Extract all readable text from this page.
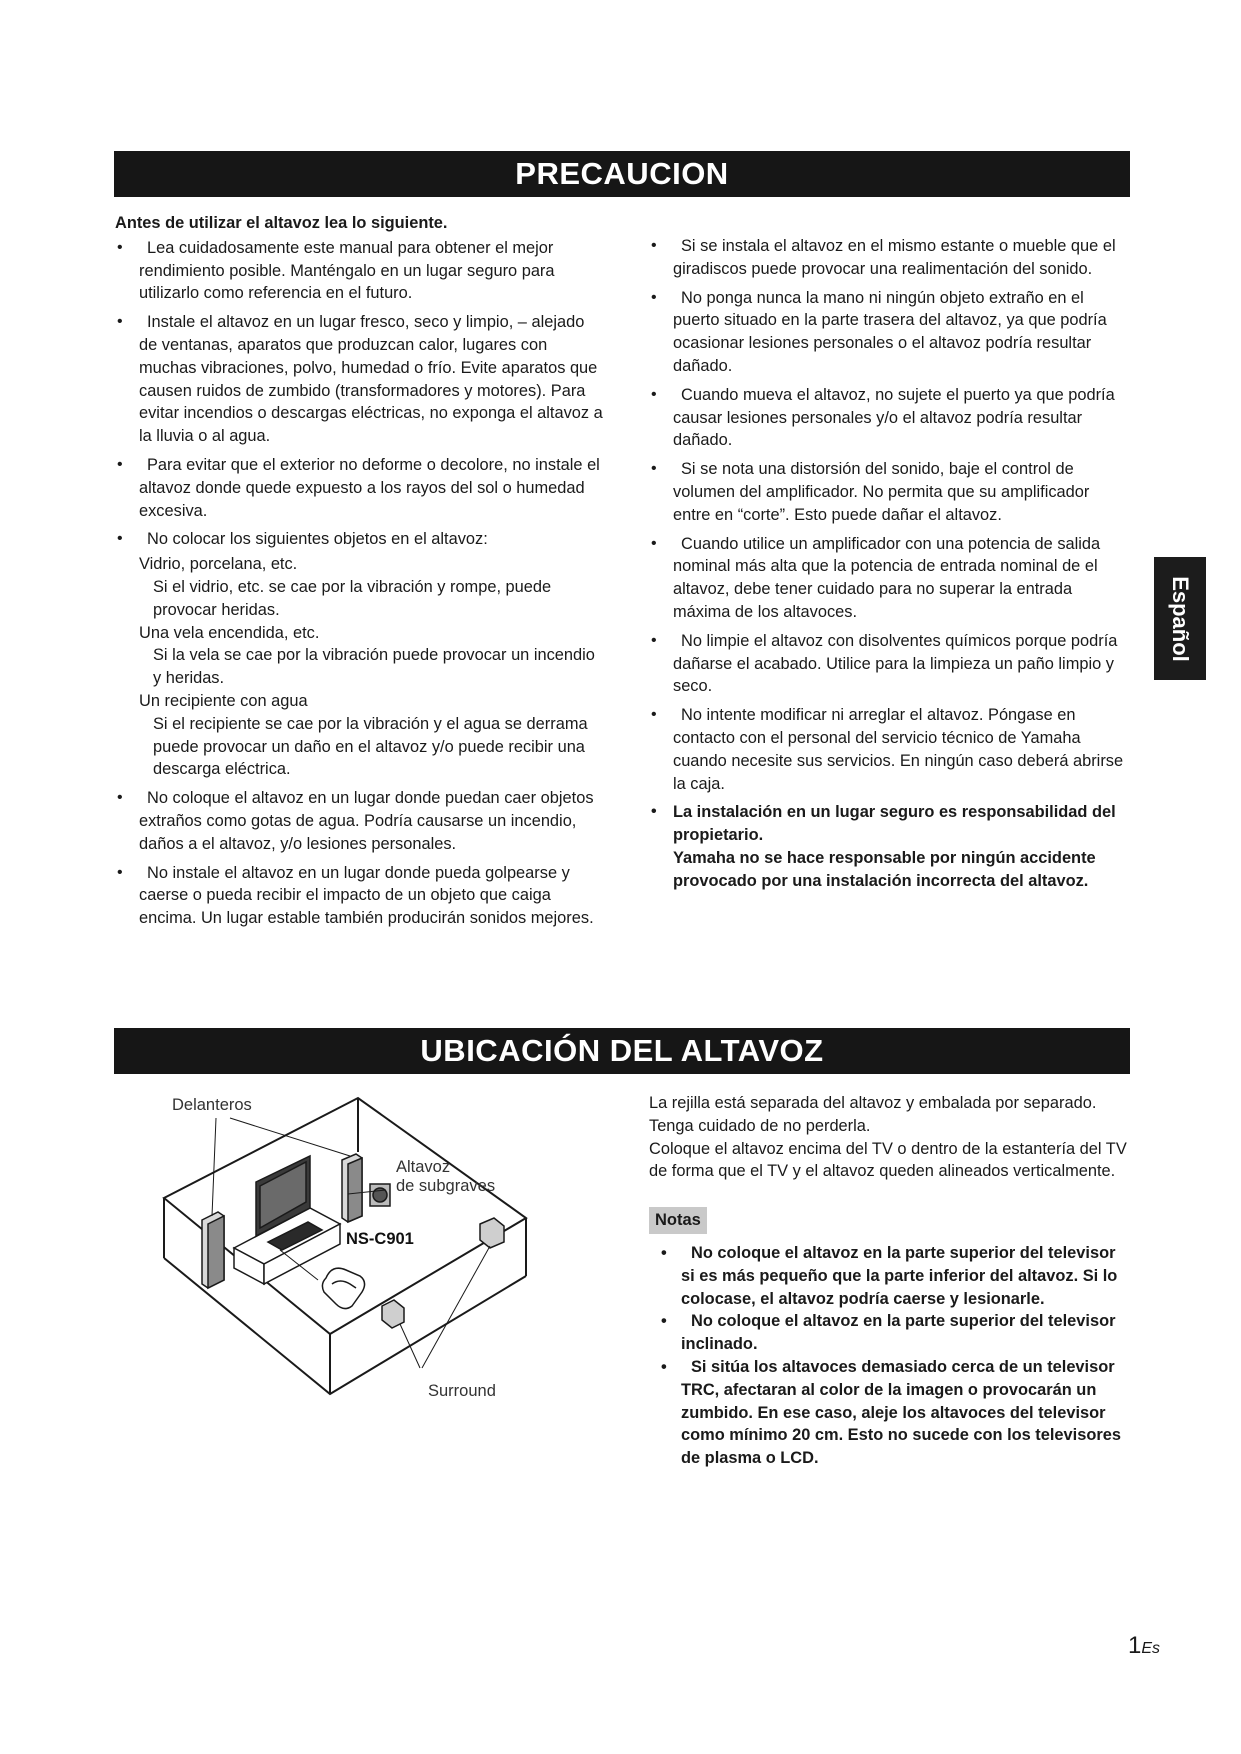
PRECAUCION

Antes de utilizar el altavoz lea lo siguiente.

• Lea cuidadosamente este manual para obtener el mejor rendimiento posible. Manténgalo en un lugar seguro para utilizarlo como referencia en el futuro.
• Instale el altavoz en un lugar fresco, seco y limpio, – alejado de ventanas, aparatos que produzcan calor, lugares con muchas vibraciones, polvo, humedad o frío. Evite aparatos que causen ruidos de zumbido (transformadores y motores). Para evitar incendios o descargas eléctricas, no exponga el altavoz a la lluvia o al agua.
• Para evitar que el exterior no deforme o decolore, no instale el altavoz donde quede expuesto a los rayos del sol o humedad excesiva.
• No colocar los siguientes objetos en el altavoz:
Vidrio, porcelana, etc.
Si el vidrio, etc. se cae por la vibración y rompe, puede provocar heridas.
Una vela encendida, etc.
Si la vela se cae por la vibración puede provocar un incendio y heridas.
Un recipiente con agua
Si el recipiente se cae por la vibración y el agua se derrama puede provocar un daño en el altavoz y/o puede recibir una descarga eléctrica.
• No coloque el altavoz en un lugar donde puedan caer objetos extraños como gotas de agua. Podría causarse un incendio, daños a el altavoz, y/o lesiones personales.
• No instale el altavoz en un lugar donde pueda golpearse y caerse o pueda recibir el impacto de un objeto que caiga encima. Un lugar estable también producirán sonidos mejores.
• Si se instala el altavoz en el mismo estante o mueble que el giradiscos puede provocar una realimentación del sonido.
• No ponga nunca la mano ni ningún objeto extraño en el puerto situado en la parte trasera del altavoz, ya que podría ocasionar lesiones personales o el altavoz podría resultar dañado.
• Cuando mueva el altavoz, no sujete el puerto ya que podría causar lesiones personales y/o el altavoz podría resultar dañado.
• Si se nota una distorsión del sonido, baje el control de volumen del amplificador. No permita que su amplificador entre en “corte”. Esto puede dañar el altavoz.
• Cuando utilice un amplificador con una potencia de salida nominal más alta que la potencia de entrada nominal de el altavoz, debe tener cuidado para no superar la entrada máxima de los altavoces.
• No limpie el altavoz con disolventes químicos porque podría dañarse el acabado. Utilice para la limpieza un paño limpio y seco.
• No intente modificar ni arreglar el altavoz. Póngase en contacto con el personal del servicio técnico de Yamaha cuando necesite sus servicios. En ningún caso deberá abrirse la caja.
• La instalación en un lugar seguro es responsabilidad del propietario.
Yamaha no se hace responsable por ningún accidente provocado por una instalación incorrecta del altavoz.
Español
UBICACIÓN DEL ALTAVOZ
Delanteros
Altavoz
de subgraves
NS-C901
Surround
La rejilla está separada del altavoz y embalada por separado. Tenga cuidado de no perderla.
Coloque el altavoz encima del TV o dentro de la estantería del TV de forma que el TV y el altavoz queden alineados verticalmente.
Notas
• No coloque el altavoz en la parte superior del televisor si es más pequeño que la parte inferior del altavoz. Si lo colocase, el altavoz podría caerse y lesionarle.
• No coloque el altavoz en la parte superior del televisor inclinado.
• Si sitúa los altavoces demasiado cerca de un televisor TRC, afectaran al color de la imagen o provocarán un zumbido. En ese caso, aleje los altavoces del televisor como mínimo 20 cm. Esto no sucede con los televisores de plasma o LCD.
1Es
